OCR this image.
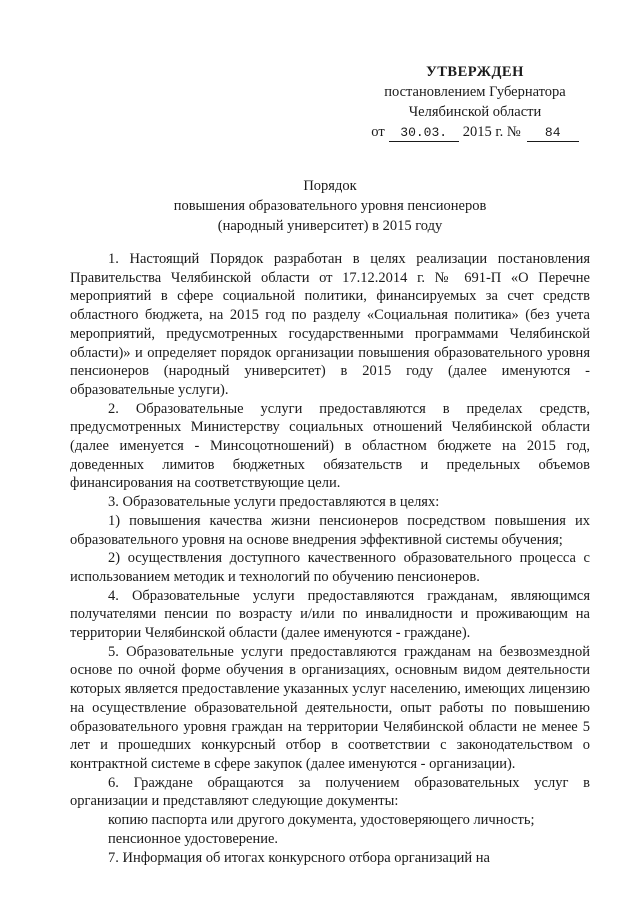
УТВЕРЖДЕН
постановлением Губернатора
Челябинской области
от	30.03.	2015 г. №	84
Порядок
повышения образовательного уровня пенсионеров
(народный университет) в 2015 году

1. Настоящий Порядок разработан в целях реализации постановления Правительства Челябинской области от 17.12.2014 г. № 691-П «О Перечне мероприятий в сфере социальной политики, финансируемых за счет средств областного бюджета, на 2015 год по разделу «Социальная политика» (без учета мероприятий, предусмотренных государственными программами Челябинской области)» и определяет порядок организации повышения образовательного уровня пенсионеров (народный университет) в 2015 году (далее именуются - образовательные услуги).

2. Образовательные услуги предоставляются в пределах средств, предусмотренных Министерству социальных отношений Челябинской области (далее именуется - Минсоцотношений) в областном бюджете на 2015 год, доведенных лимитов бюджетных обязательств и предельных объемов финансирования на соответствующие цели.

3. Образовательные услуги предоставляются в целях:

1) повышения качества жизни пенсионеров посредством повышения их образовательного уровня на основе внедрения эффективной системы обучения;

2) осуществления доступного качественного образовательного процесса с использованием методик и технологий по обучению пенсионеров.

4. Образовательные услуги предоставляются гражданам, являющимся получателями пенсии по возрасту и/или по инвалидности и проживающим на территории Челябинской области (далее именуются - граждане).

5. Образовательные услуги предоставляются гражданам на безвозмездной основе по очной форме обучения в организациях, основным видом деятельности которых является предоставление указанных услуг населению, имеющих лицензию на осуществление образовательной деятельности, опыт работы по повышению образовательного уровня граждан на территории Челябинской области не менее 5 лет и прошедших конкурсный отбор в соответствии с законодательством о контрактной системе в сфере закупок (далее именуются - организации).

6. Граждане обращаются за получением образовательных услуг в организации и представляют следующие документы:

копию паспорта или другого документа, удостоверяющего личность;

пенсионное удостоверение.

7. Информация об итогах конкурсного отбора организаций на
